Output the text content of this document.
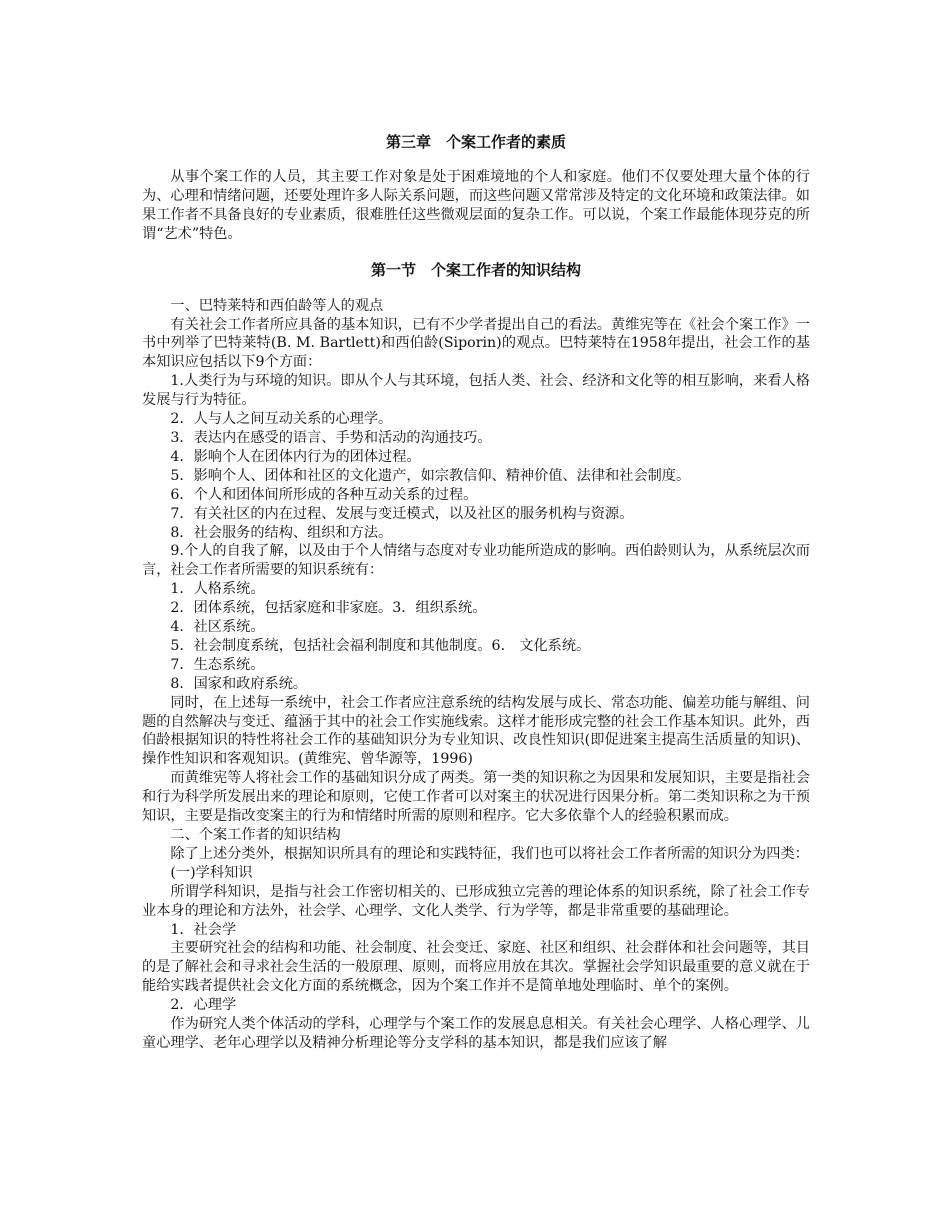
第三章　个案工作者的素质

从事个案工作的人员，其主要工作对象是处于困难境地的个人和家庭。他们不仅要处理大量个体的行为、心理和情绪问题，还要处理许多人际关系问题，而这些问题又常常涉及特定的文化环境和政策法律。如果工作者不具备良好的专业素质，很难胜任这些微观层面的复杂工作。可以说，个案工作最能体现芬克的所谓“艺术”特色。

第一节　个案工作者的知识结构

一、巴特莱特和西伯龄等人的观点

有关社会工作者所应具备的基本知识，已有不少学者提出自己的看法。黄维宪等在《社会个案工作》一书中列举了巴特莱特(B. M. Bartlett)和西伯龄(Siporin)的观点。巴特莱特在1958年提出，社会工作的基本知识应包括以下9个方面：

1.人类行为与环境的知识。即从个人与其环境，包括人类、社会、经济和文化等的相互影响，来看人格发展与行为特征。

2．人与人之间互动关系的心理学。

3．表达内在感受的语言、手势和活动的沟通技巧。

4．影响个人在团体内行为的团体过程。

5．影响个人、团体和社区的文化遗产，如宗教信仰、精神价值、法律和社会制度。

6．个人和团体间所形成的各种互动关系的过程。

7．有关社区的内在过程、发展与变迁模式，以及社区的服务机构与资源。

8．社会服务的结构、组织和方法。

9.个人的自我了解，以及由于个人情绪与态度对专业功能所造成的影响。西伯龄则认为，从系统层次而言，社会工作者所需要的知识系统有：

1．人格系统。

2．团体系统，包括家庭和非家庭。3．组织系统。

4．社区系统。

5．社会制度系统，包括社会福利制度和其他制度。6． 文化系统。

7．生态系统。

8．国家和政府系统。

同时，在上述每一系统中，社会工作者应注意系统的结构发展与成长、常态功能、偏差功能与解组、问题的自然解决与变迁、蕴涵于其中的社会工作实施线索。这样才能形成完整的社会工作基本知识。此外，西伯龄根据知识的特性将社会工作的基础知识分为专业知识、改良性知识(即促进案主提高生活质量的知识)、操作性知识和客观知识。(黄维宪、曾华源等，1996)

而黄维宪等人将社会工作的基础知识分成了两类。第一类的知识称之为因果和发展知识，主要是指社会和行为科学所发展出来的理论和原则，它使工作者可以对案主的状况进行因果分析。第二类知识称之为干预知识，主要是指改变案主的行为和情绪时所需的原则和程序。它大多依靠个人的经验积累而成。

二、个案工作者的知识结构

除了上述分类外，根据知识所具有的理论和实践特征，我们也可以将社会工作者所需的知识分为四类：

(一)学科知识

所谓学科知识，是指与社会工作密切相关的、已形成独立完善的理论体系的知识系统，除了社会工作专业本身的理论和方法外，社会学、心理学、文化人类学、行为学等，都是非常重要的基础理论。

1．社会学

主要研究社会的结构和功能、社会制度、社会变迁、家庭、社区和组织、社会群体和社会问题等，其目的是了解社会和寻求社会生活的一般原理、原则，而将应用放在其次。掌握社会学知识最重要的意义就在于能给实践者提供社会文化方面的系统概念，因为个案工作并不是简单地处理临时、单个的案例。

2．心理学

作为研究人类个体活动的学科，心理学与个案工作的发展息息相关。有关社会心理学、人格心理学、儿童心理学、老年心理学以及精神分析理论等分支学科的基本知识，都是我们应该了解
